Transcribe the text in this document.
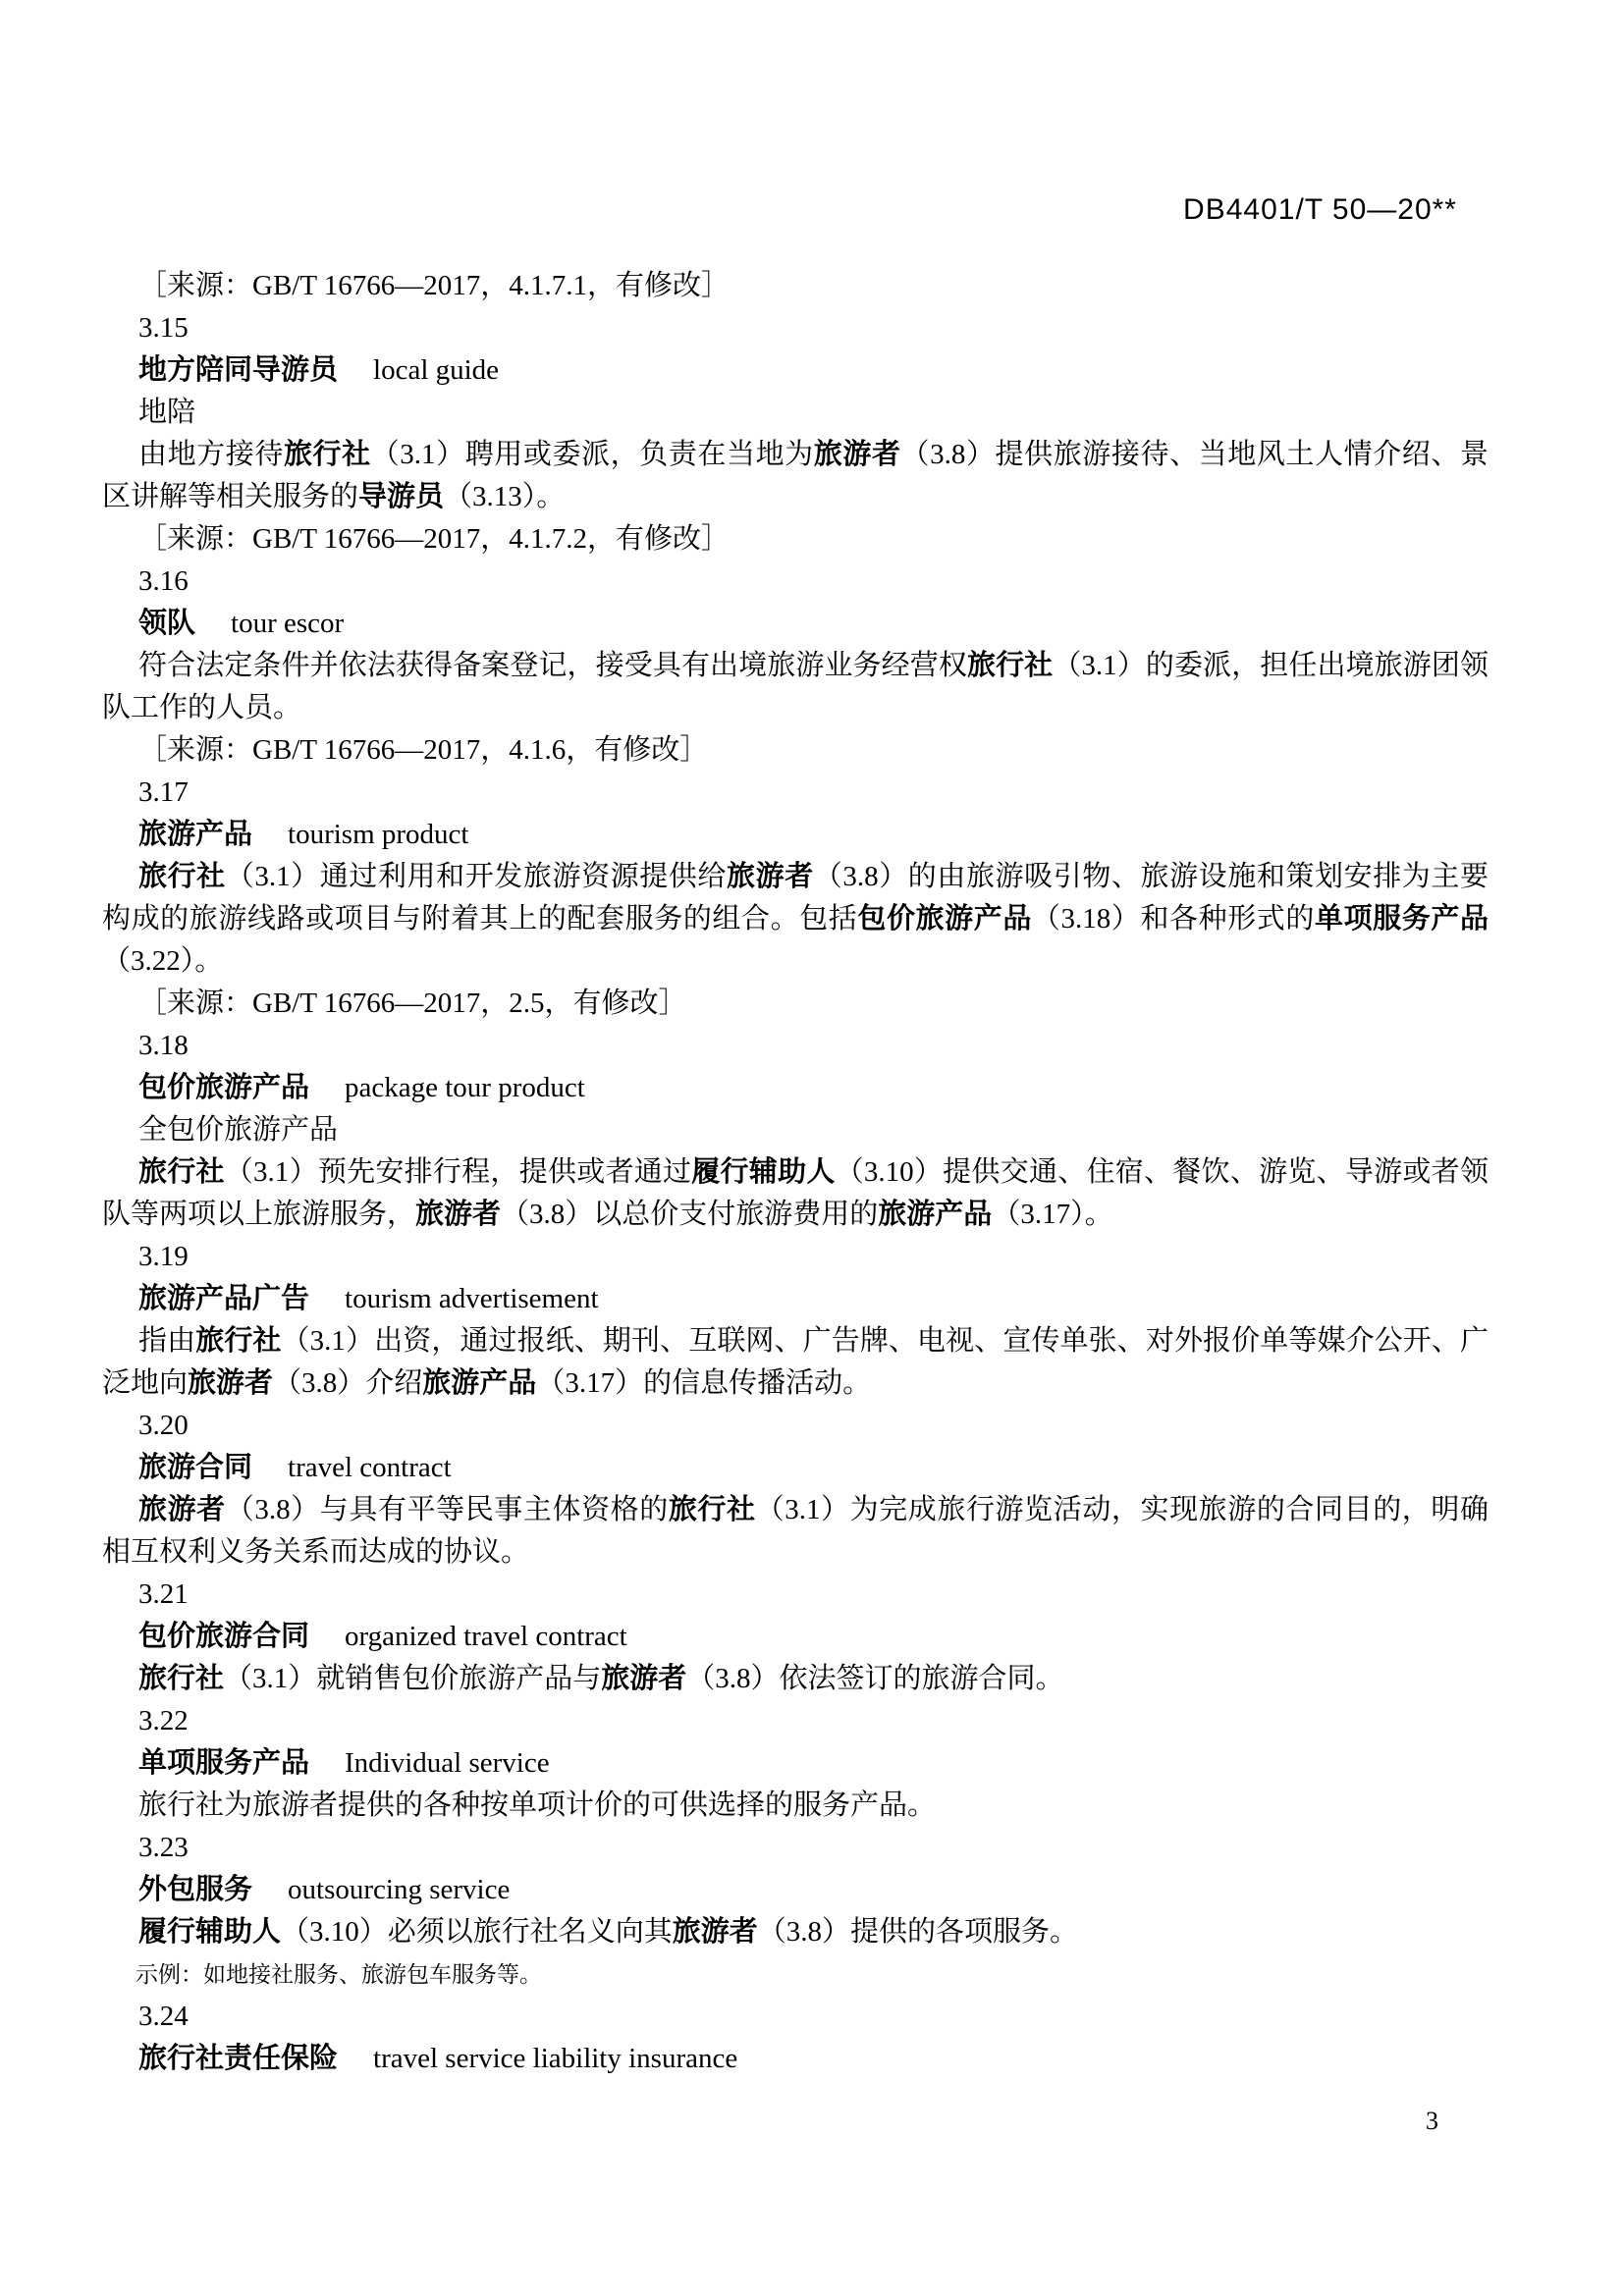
DB4401/T 50—20**

［来源：GB/T 16766—2017，4.1.7.1，有修改］

3.15

地方陪同导游员 local guide

地陪

由地方接待旅行社（3.1）聘用或委派，负责在当地为旅游者（3.8）提供旅游接待、当地风土人情介绍、景区讲解等相关服务的导游员（3.13）。

［来源：GB/T 16766—2017，4.1.7.2，有修改］

3.16

领队 tour escor

符合法定条件并依法获得备案登记，接受具有出境旅游业务经营权旅行社（3.1）的委派，担任出境旅游团领队工作的人员。

［来源：GB/T 16766—2017，4.1.6，有修改］

3.17

旅游产品 tourism product

旅行社（3.1）通过利用和开发旅游资源提供给旅游者（3.8）的由旅游吸引物、旅游设施和策划安排为主要构成的旅游线路或项目与附着其上的配套服务的组合。包括包价旅游产品（3.18）和各种形式的单项服务产品（3.22）。

［来源：GB/T 16766—2017，2.5，有修改］

3.18

包价旅游产品 package tour product

全包价旅游产品

旅行社（3.1）预先安排行程，提供或者通过履行辅助人（3.10）提供交通、住宿、餐饮、游览、导游或者领队等两项以上旅游服务，旅游者（3.8）以总价支付旅游费用的旅游产品（3.17）。

3.19

旅游产品广告 tourism advertisement

指由旅行社（3.1）出资，通过报纸、期刊、互联网、广告牌、电视、宣传单张、对外报价单等媒介公开、广泛地向旅游者（3.8）介绍旅游产品（3.17）的信息传播活动。

3.20

旅游合同 travel contract

旅游者（3.8）与具有平等民事主体资格的旅行社（3.1）为完成旅行游览活动，实现旅游的合同目的，明确相互权利义务关系而达成的协议。

3.21

包价旅游合同 organized travel contract

旅行社（3.1）就销售包价旅游产品与旅游者（3.8）依法签订的旅游合同。

3.22

单项服务产品 Individual service

旅行社为旅游者提供的各种按单项计价的可供选择的服务产品。

3.23

外包服务 outsourcing service

履行辅助人（3.10）必须以旅行社名义向其旅游者（3.8）提供的各项服务。

示例：如地接社服务、旅游包车服务等。

3.24

旅行社责任保险 travel service liability insurance

3
